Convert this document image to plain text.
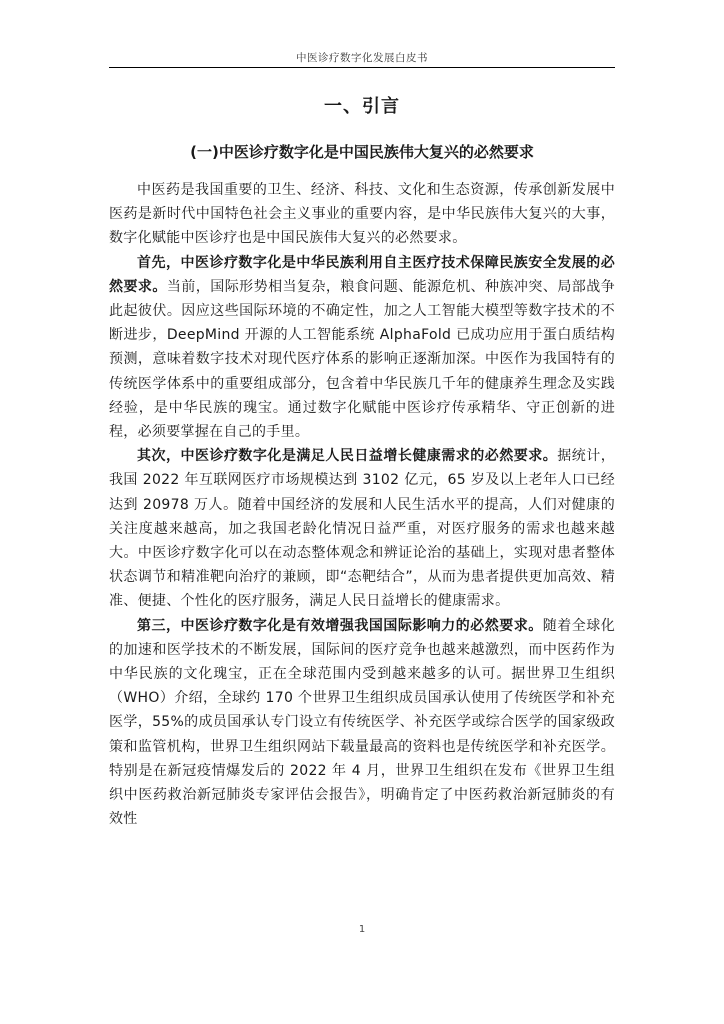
中医诊疗数字化发展白皮书
一、引言
(一)中医诊疗数字化是中国民族伟大复兴的必然要求

中医药是我国重要的卫生、经济、科技、文化和生态资源，传承创新发展中医药是新时代中国特色社会主义事业的重要内容，是中华民族伟大复兴的大事，数字化赋能中医诊疗也是中国民族伟大复兴的必然要求。

首先，中医诊疗数字化是中华民族利用自主医疗技术保障民族安全发展的必然要求。当前，国际形势相当复杂，粮食问题、能源危机、种族冲突、局部战争此起彼伏。因应这些国际环境的不确定性，加之人工智能大模型等数字技术的不断进步，DeepMind 开源的人工智能系统 AlphaFold 已成功应用于蛋白质结构预测，意味着数字技术对现代医疗体系的影响正逐渐加深。中医作为我国特有的传统医学体系中的重要组成部分，包含着中华民族几千年的健康养生理念及实践经验，是中华民族的瑰宝。通过数字化赋能中医诊疗传承精华、守正创新的进程，必须要掌握在自己的手里。

其次，中医诊疗数字化是满足人民日益增长健康需求的必然要求。据统计，我国 2022 年互联网医疗市场规模达到 3102 亿元，65 岁及以上老年人口已经达到 20978 万人。随着中国经济的发展和人民生活水平的提高，人们对健康的关注度越来越高，加之我国老龄化情况日益严重，对医疗服务的需求也越来越大。中医诊疗数字化可以在动态整体观念和辨证论治的基础上，实现对患者整体状态调节和精准靶向治疗的兼顾，即“态靶结合”，从而为患者提供更加高效、精准、便捷、个性化的医疗服务，满足人民日益增长的健康需求。

第三，中医诊疗数字化是有效增强我国国际影响力的必然要求。随着全球化的加速和医学技术的不断发展，国际间的医疗竞争也越来越激烈，而中医药作为中华民族的文化瑰宝，正在全球范围内受到越来越多的认可。据世界卫生组织（WHO）介绍，全球约 170 个世界卫生组织成员国承认使用了传统医学和补充医学，55%的成员国承认专门设立有传统医学、补充医学或综合医学的国家级政策和监管机构，世界卫生组织网站下载量最高的资料也是传统医学和补充医学。特别是在新冠疫情爆发后的 2022 年 4 月，世界卫生组织在发布《世界卫生组织中医药救治新冠肺炎专家评估会报告》，明确肯定了中医药救治新冠肺炎的有效性

1
